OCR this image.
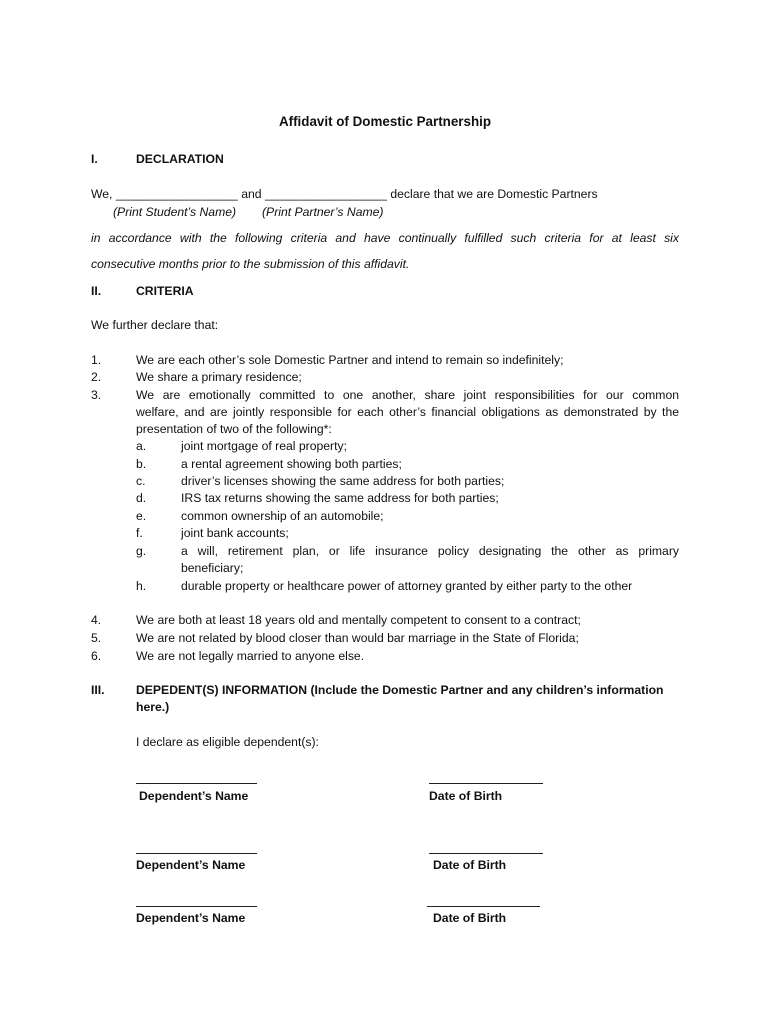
Affidavit of Domestic Partnership
I.	DECLARATION
We, __________________ and __________________ declare that we are Domestic Partners
(Print Student’s Name) (Print Partner’s Name)
in accordance with the following criteria and have continually fulfilled such criteria for at least six
consecutive months prior to the submission of this affidavit.
II.	CRITERIA
We further declare that:
1.	We are each other’s sole Domestic Partner and intend to remain so indefinitely;
2.	We share a primary residence;
3.	We are emotionally committed to one another, share joint responsibilities for our common
welfare, and are jointly responsible for each other’s financial obligations as demonstrated by the
presentation of two of the following*:
a.	joint mortgage of real property;
b.	a rental agreement showing both parties;
c.	driver’s licenses showing the same address for both parties;
d.	IRS tax returns showing the same address for both parties;
e.	common ownership of an automobile;
f.	joint bank accounts;
g.	a will, retirement plan, or life insurance policy designating the other as primary
beneficiary;
h.	durable property or healthcare power of attorney granted by either party to the other
4.	We are both at least 18 years old and mentally competent to consent to a contract;
5.	We are not related by blood closer than would bar marriage in the State of Florida;
6.	We are not legally married to anyone else.
III.	DEPEDENT(S) INFORMATION (Include the Domestic Partner and any children’s information
here.)
I declare as eligible dependent(s):
Dependent’s Name	Date of Birth
Dependent’s Name	Date of Birth
Dependent’s Name	Date of Birth
